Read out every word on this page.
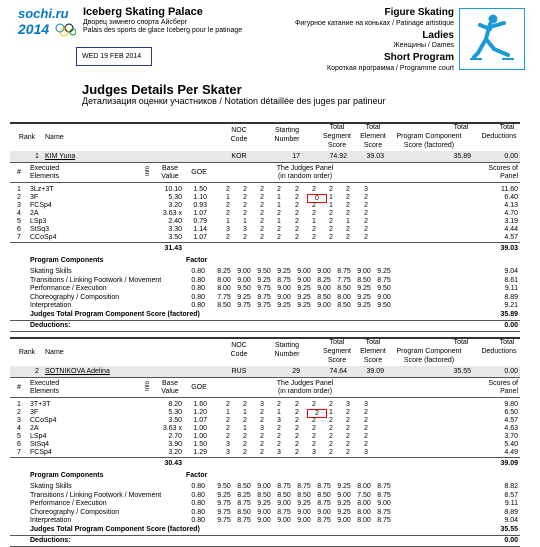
sochi.ru
2014
Iceberg Skating Palace
Дворец зимнего спорта Айсберг
Palais des sports de glace Iceberg pour le patinage
WED 19 FEB 2014
Figure Skating
Фигурное катание на коньках / Patinage artistique
Ladies
Женщины / Dames
Short Program
Короткая программа / Programme court
Judges Details Per Skater
Детализация оценки участников / Notation détaillée des juges par patineur
Rank	Name
NOC
Code
Starting
Number
Total
Segment
Score
Total
Element
Score
Total
Program Component
Score (factored)
Total
Deductions
1 KIM Yuna	KOR	17	74.92	39.03	35.89	0.00
#
Executed
Elements
Info	Base
Value
GOE
The Judges Panel
(in random order)
Scores of
Panel
1 3Lz+3T	10.10 1.50	2	2	2	2	2	2	2	2	3	11.60
2 3F	5.30 1.10	1	2	2	1	2	0	1	2	2	6.40
3 FCSp4	3.20 0.93	2	2	2	1	2	2	1	2	2	4.13
4 2A	3.63 x 1.07	2	2	2	2	2	2	2	2	2	4.70
5 LSp3	2.40 0.79	1	1	2	1	2	1	2	1	2	3.19
6 StSq3	3.30 1.14	3	3	2	2	2	2	2	2	2	4.44
7 CCoSp4	3.50 1.07	2	2	2	2	2	2	2	2	2	4.57
31.43	39.03
Program Components	Factor
Skating Skills	0.80	8.25 9.00 9.50 9.25 9.00 9.00 8.75 9.00 9.25	9.04
Transitions / Linking Footwork / Movement	0.80	8.00 9.00 9.25 8.75 9.00 8.25 7.75 8.50 8.75	8.61
Performance / Execution	0.80	8.00 9.50 9.75 9.00 9.25 9.00 8.50 9.25 9.50	9.11
Choreography / Composition	0.80	7.75 9.25 9.75 9.00 9.25 8.50 8.00 9.25 9.00	8.89
Interpretation	0.80	8.50 9.75 9.75 9.25 9.25 9.00 8.50 9.25 9.50	9.21
Judges Total Program Component Score (factored)	35.89
Deductions:	0.00
Rank	Name
NOC
Code
Starting
Number
Total
Segment
Score
Total
Element
Score
Total
Program Component
Score (factored)
Total
Deductions
2 SOTNIKOVA Adelina	RUS	29	74.64	39.09	35.55	0.00
#
Executed
Elements
Info	Base
Value
GOE
The Judges Panel
(in random order)
Scores of
Panel
1 3T+3T	8.20 1.60	2	2	3	2	2	2	2	3	3	9.80
2 3F	5.30 1.20	1	1	2	1	2	2	1	2	2	6.50
3 CCoSp4	3.50 1.07	2	2	2	3	2	2	2	2	2	4.57
4 2A	3.63 x 1.00	2	1	3	2	2	2	2	2	2	4.63
5 LSp4	2.70 1.00	2	2	2	2	2	2	2	2	2	3.70
6 StSq4	3.90 1.50	3	2	2	2	2	2	2	2	2	5.40
7 FCSp4	3.20 1.29	3	2	2	3	2	3	2	2	3	4.49
30.43	39.09
Program Components	Factor
Skating Skills	0.80	9.50 8.50 9.00 8.75 8.75 8.75 9.25 8.00 8.75	8.82
Transitions / Linking Footwork / Movement	0.80	9.25 8.25 8.50 8.50 8.50 8.50 9.00 7.50 8.75	8.57
Performance / Execution	0.80	9.75 8.75 9.25 9.00 9.25 8.75 9.25 8.00 9.00	9.11
Choreography / Composition	0.80	9.75 8.50 9.00 8.75 9.00 9.00 9.25 8.00 8.75	8.89
Interpretation	0.80	9.75 8.75 9.00 9.00 9.00 8.75 9.00 8.00 8.75	9.04
Judges Total Program Component Score (factored)	35.55
Deductions:	0.00
